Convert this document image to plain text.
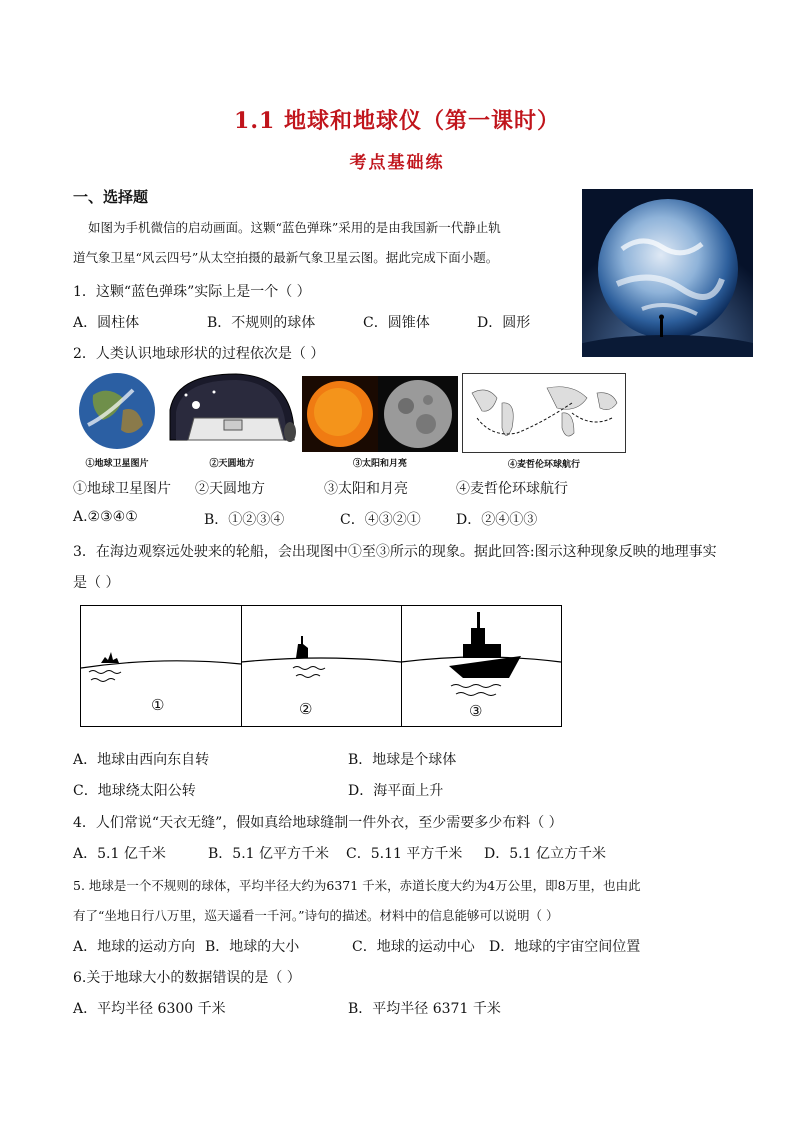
1.1 地球和地球仪（第一课时）
考点基础练
一、选择题
如图为手机微信的启动画面。这颗“蓝色弹珠”采用的是由我国新一代静止轨
道气象卫星“风云四号”从太空拍摄的最新气象卫星云图。据此完成下面小题。
1．这颗“蓝色弹珠”实际上是一个（ ）
A．圆柱体	B．不规则的球体	C．圆锥体	D．圆形
2．人类认识地球形状的过程依次是（ ）
①地球卫星图片	②天圆地方	③太阳和月亮	④麦哲伦环球航行
①地球卫星图片 ②天圆地方	③太阳和月亮	④麦哲伦环球航行
A.②③④①	B．①②③④	C．④③②①	D．②④①③
3．在海边观察远处驶来的轮船，会出现图中①至③所示的现象。据此回答:图示这种现象反映的地理事实
是（ ）
①	②	③
A．地球由西向东自转	B．地球是个球体
C．地球绕太阳公转	D．海平面上升
4．人们常说“天衣无缝”，假如真给地球缝制一件外衣，至少需要多少布料（ ）
A．5.1 亿千米	B．5.1 亿平方千米 C．5.11 平方千米 D．5.1 亿立方千米
5. 地球是一个不规则的球体，平均半径大约为6371 千米，赤道长度大约为4万公里，即8万里，也由此
有了“坐地日行八万里，巡天遥看一千河。”诗句的描述。材料中的信息能够可以说明（ ）
A．地球的运动方向 B．地球的大小	C．地球的运动中心 D．地球的宇宙空间位置
6.关于地球大小的数据错误的是（ ）
A．平均半径 6300 千米	B．平均半径 6371 千米
